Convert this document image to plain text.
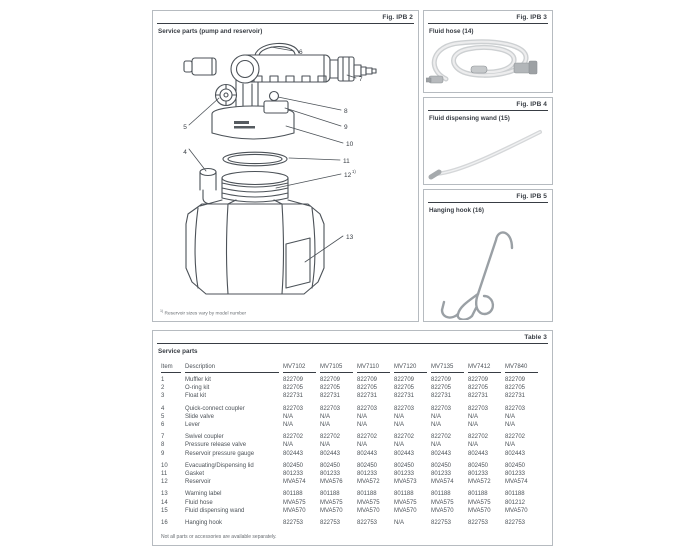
Fig. IPB 2
Service parts (pump and reservoir)
4
5
6
7
8
9
10
11
12
1)
13
$^{1)}$ Reservoir sizes vary by model number
Fig. IPB 3
Fluid hose (14)
Fig. IPB 4
Fluid dispensing wand (15)
Fig. IPB 5
Hanging hook (16)
Table 3
Service parts
Item	Description	MV7102	MV7105	MV7110	MV7120	MV7135	MV7412	MV7840
1	Muffler kit	822709	822709	822709	822709	822709	822709	822709
2	O-ring kit	822705	822705	822705	822705	822705	822705	822705
3	Float kit	822731	822731	822731	822731	822731	822731	822731
4	Quick-connect coupler	822703	822703	822703	822703	822703	822703	822703
5	Slide valve	N/A	N/A	N/A	N/A	N/A	N/A	N/A
6	Lever	N/A	N/A	N/A	N/A	N/A	N/A	N/A
7	Swivel coupler	822702	822702	822702	822702	822702	822702	822702
8	Pressure release valve	N/A	N/A	N/A	N/A	N/A	N/A	N/A
9	Reservoir pressure gauge	802443	802443	802443	802443	802443	802443	802443
10	Evacuating/Dispensing lid	802450	802450	802450	802450	802450	802450	802450
11	Gasket	801233	801233	801233	801233	801233	801233	801233
12	Reservoir	MVA574	MVA576	MVA572	MVA573	MVA574	MVA572	MVA574
13	Warning label	801188	801188	801188	801188	801188	801188	801188
14	Fluid hose	MVA575	MVA575	MVA575	MVA575	MVA575	MVA575	801212
15	Fluid dispensing wand	MVA570	MVA570	MVA570	MVA570	MVA570	MVA570	MVA570
16	Hanging hook	822753	822753	822753	N/A	822753	822753	822753
Not all parts or accessories are available separately.
